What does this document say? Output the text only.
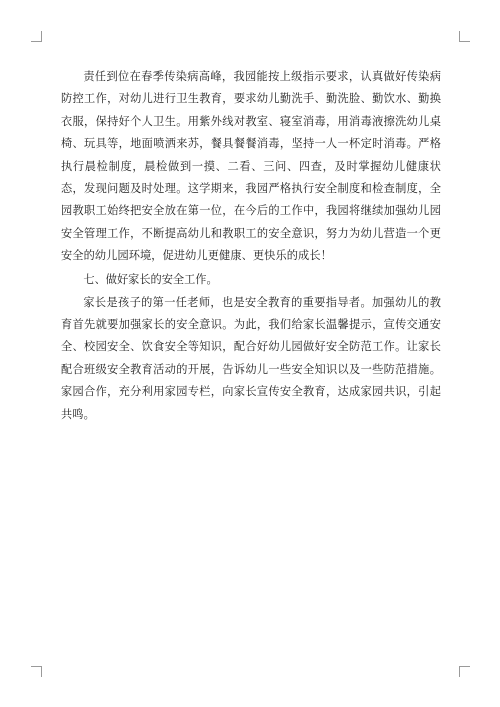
责任到位在春季传染病高峰，我园能按上级指示要求，认真做好传染病防控工作，对幼儿进行卫生教育，要求幼儿勤洗手、勤洗脸、勤饮水、勤换衣服，保持好个人卫生。用紫外线对教室、寝室消毒，用消毒液擦洗幼儿桌椅、玩具等，地面喷洒来苏，餐具餐餐消毒，坚持一人一杯定时消毒。严格执行晨检制度，晨检做到一摸、二看、三问、四查，及时掌握幼儿健康状态，发现问题及时处理。这学期来，我园严格执行安全制度和检查制度，全园教职工始终把安全放在第一位，在今后的工作中，我园将继续加强幼儿园安全管理工作，不断提高幼儿和教职工的安全意识，努力为幼儿营造一个更安全的幼儿园环境，促进幼儿更健康、更快乐的成长！

七、做好家长的安全工作。

家长是孩子的第一任老师，也是安全教育的重要指导者。加强幼儿的教育首先就要加强家长的安全意识。为此，我们给家长温馨提示，宣传交通安全、校园安全、饮食安全等知识，配合好幼儿园做好安全防范工作。让家长配合班级安全教育活动的开展，告诉幼儿一些安全知识以及一些防范措施。家园合作，充分利用家园专栏，向家长宣传安全教育，达成家园共识，引起共鸣。
